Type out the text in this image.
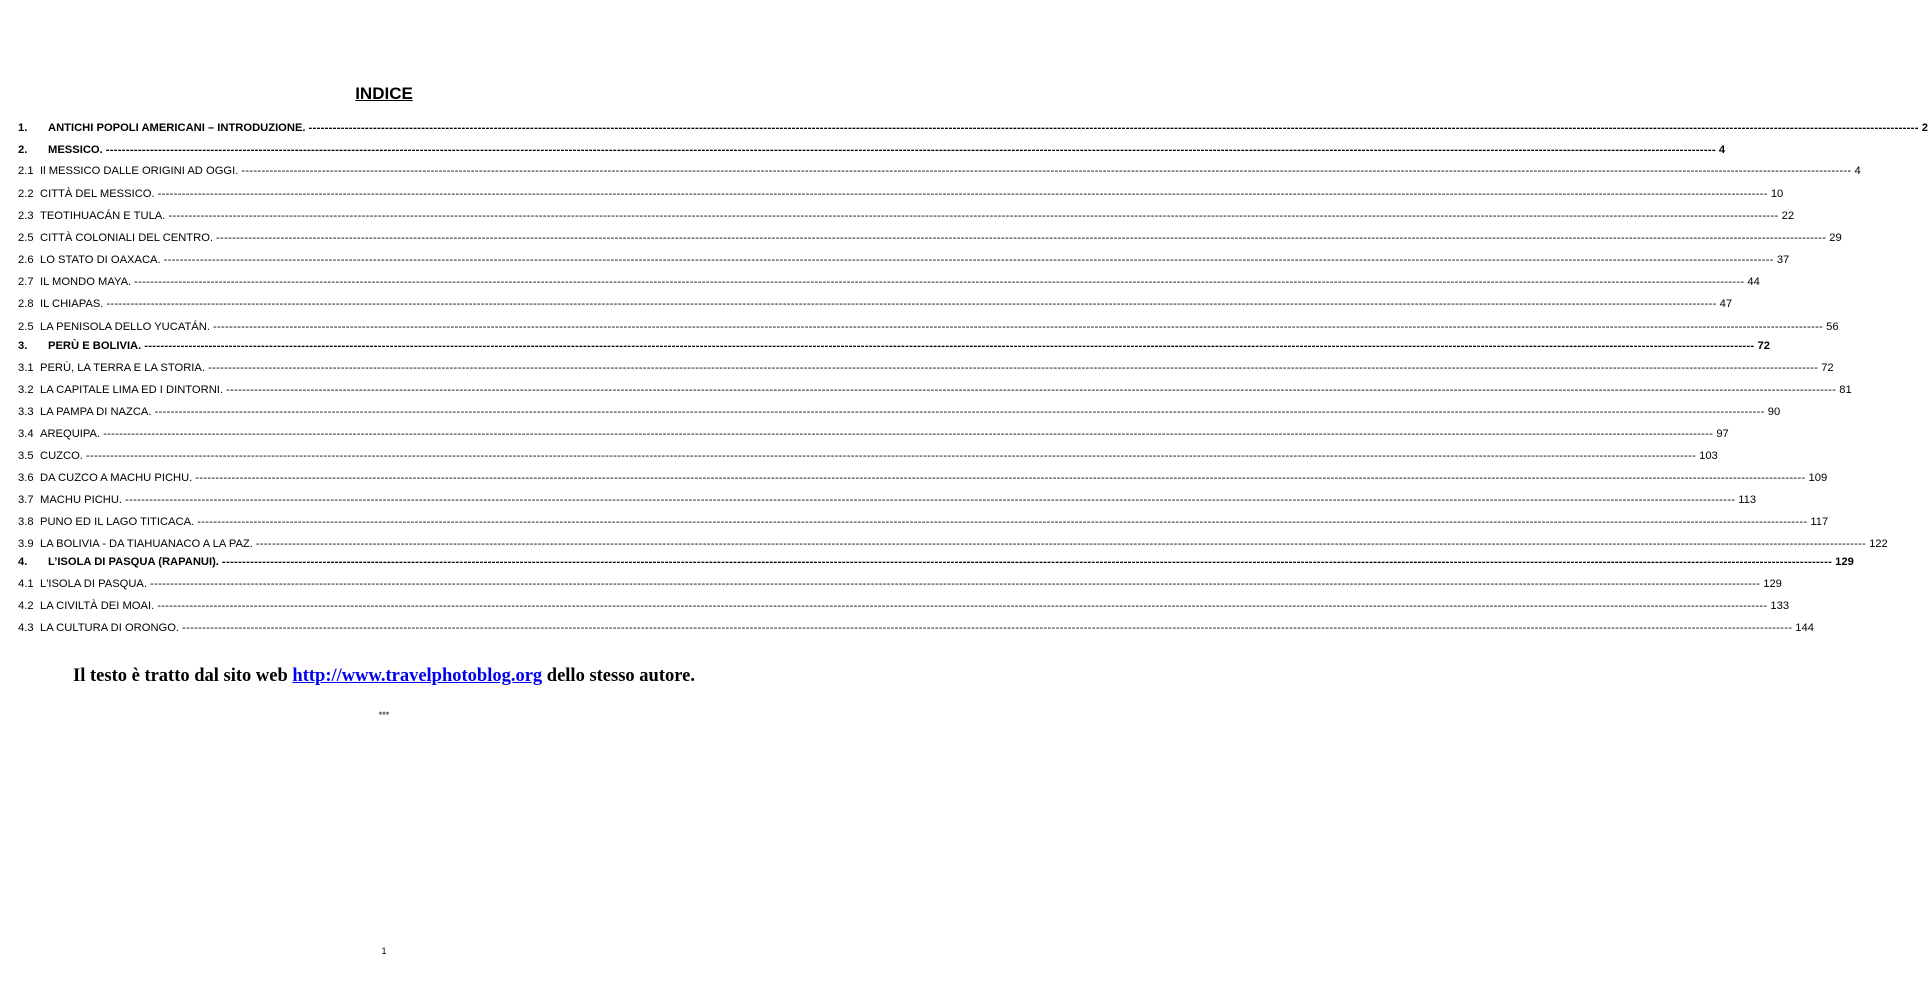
INDICE
1.	ANTICHI POPOLI AMERICANI – INTRODUZIONE. ---------------------------------------------------------------------------------------------------------------------------------------------------------------------------------------------------------------------------------------------------------------------------------------------------------------------------------------------------------------------------------------------------------------- 2
2.	MESSICO. ---------------------------------------------------------------------------------------------------------------------------------------------------------------------------------------------------------------------------------------------------------------------------------------------------------------------------------------------------------------------------------------------------------------- 4
2.1 Il MESSICO DALLE ORIGINI AD OGGI. ---------------------------------------------------------------------------------------------------------------------------------------------------------------------------------------------------------------------------------------------------------------------------------------------------------------------------------------------------------------------------------------------------------------- 4
2.2 CITTÀ DEL MESSICO. ---------------------------------------------------------------------------------------------------------------------------------------------------------------------------------------------------------------------------------------------------------------------------------------------------------------------------------------------------------------------------------------------------------------- 10
2.3 TEOTIHUACÁN E TULA. ---------------------------------------------------------------------------------------------------------------------------------------------------------------------------------------------------------------------------------------------------------------------------------------------------------------------------------------------------------------------------------------------------------------- 22
2.5 CITTÀ COLONIALI DEL CENTRO. ---------------------------------------------------------------------------------------------------------------------------------------------------------------------------------------------------------------------------------------------------------------------------------------------------------------------------------------------------------------------------------------------------------------- 29
2.6 LO STATO DI OAXACA. ---------------------------------------------------------------------------------------------------------------------------------------------------------------------------------------------------------------------------------------------------------------------------------------------------------------------------------------------------------------------------------------------------------------- 37
2.7 IL MONDO MAYA. ---------------------------------------------------------------------------------------------------------------------------------------------------------------------------------------------------------------------------------------------------------------------------------------------------------------------------------------------------------------------------------------------------------------- 44
2.8 IL CHIAPAS. ---------------------------------------------------------------------------------------------------------------------------------------------------------------------------------------------------------------------------------------------------------------------------------------------------------------------------------------------------------------------------------------------------------------- 47
2.5 LA PENISOLA DELLO YUCATÁN. ---------------------------------------------------------------------------------------------------------------------------------------------------------------------------------------------------------------------------------------------------------------------------------------------------------------------------------------------------------------------------------------------------------------- 56
3.	PERÙ E BOLIVIA. ---------------------------------------------------------------------------------------------------------------------------------------------------------------------------------------------------------------------------------------------------------------------------------------------------------------------------------------------------------------------------------------------------------------- 72
3.1 PERÙ, LA TERRA E LA STORIA. ---------------------------------------------------------------------------------------------------------------------------------------------------------------------------------------------------------------------------------------------------------------------------------------------------------------------------------------------------------------------------------------------------------------- 72
3.2 LA CAPITALE LIMA ED I DINTORNI. ---------------------------------------------------------------------------------------------------------------------------------------------------------------------------------------------------------------------------------------------------------------------------------------------------------------------------------------------------------------------------------------------------------------- 81
3.3 LA PAMPA DI NAZCA. ---------------------------------------------------------------------------------------------------------------------------------------------------------------------------------------------------------------------------------------------------------------------------------------------------------------------------------------------------------------------------------------------------------------- 90
3.4 AREQUIPA. ---------------------------------------------------------------------------------------------------------------------------------------------------------------------------------------------------------------------------------------------------------------------------------------------------------------------------------------------------------------------------------------------------------------- 97
3.5 CUZCO. ---------------------------------------------------------------------------------------------------------------------------------------------------------------------------------------------------------------------------------------------------------------------------------------------------------------------------------------------------------------------------------------------------------------- 103
3.6 DA CUZCO A MACHU PICHU. ---------------------------------------------------------------------------------------------------------------------------------------------------------------------------------------------------------------------------------------------------------------------------------------------------------------------------------------------------------------------------------------------------------------- 109
3.7 MACHU PICHU. ---------------------------------------------------------------------------------------------------------------------------------------------------------------------------------------------------------------------------------------------------------------------------------------------------------------------------------------------------------------------------------------------------------------- 113
3.8 PUNO ED IL LAGO TITICACA. ---------------------------------------------------------------------------------------------------------------------------------------------------------------------------------------------------------------------------------------------------------------------------------------------------------------------------------------------------------------------------------------------------------------- 117
3.9 LA BOLIVIA - DA TIAHUANACO A LA PAZ. ---------------------------------------------------------------------------------------------------------------------------------------------------------------------------------------------------------------------------------------------------------------------------------------------------------------------------------------------------------------------------------------------------------------- 122
4.	L’ISOLA DI PASQUA (RAPANUI). ---------------------------------------------------------------------------------------------------------------------------------------------------------------------------------------------------------------------------------------------------------------------------------------------------------------------------------------------------------------------------------------------------------------- 129
4.1 L'ISOLA DI PASQUA. ---------------------------------------------------------------------------------------------------------------------------------------------------------------------------------------------------------------------------------------------------------------------------------------------------------------------------------------------------------------------------------------------------------------- 129
4.2 LA CIVILTÀ DEI MOAI. ---------------------------------------------------------------------------------------------------------------------------------------------------------------------------------------------------------------------------------------------------------------------------------------------------------------------------------------------------------------------------------------------------------------- 133
4.3 LA CULTURA DI ORONGO. ---------------------------------------------------------------------------------------------------------------------------------------------------------------------------------------------------------------------------------------------------------------------------------------------------------------------------------------------------------------------------------------------------------------- 144
Il testo è tratto dal sito web http://www.travelphotoblog.org dello stesso autore.
***
1
